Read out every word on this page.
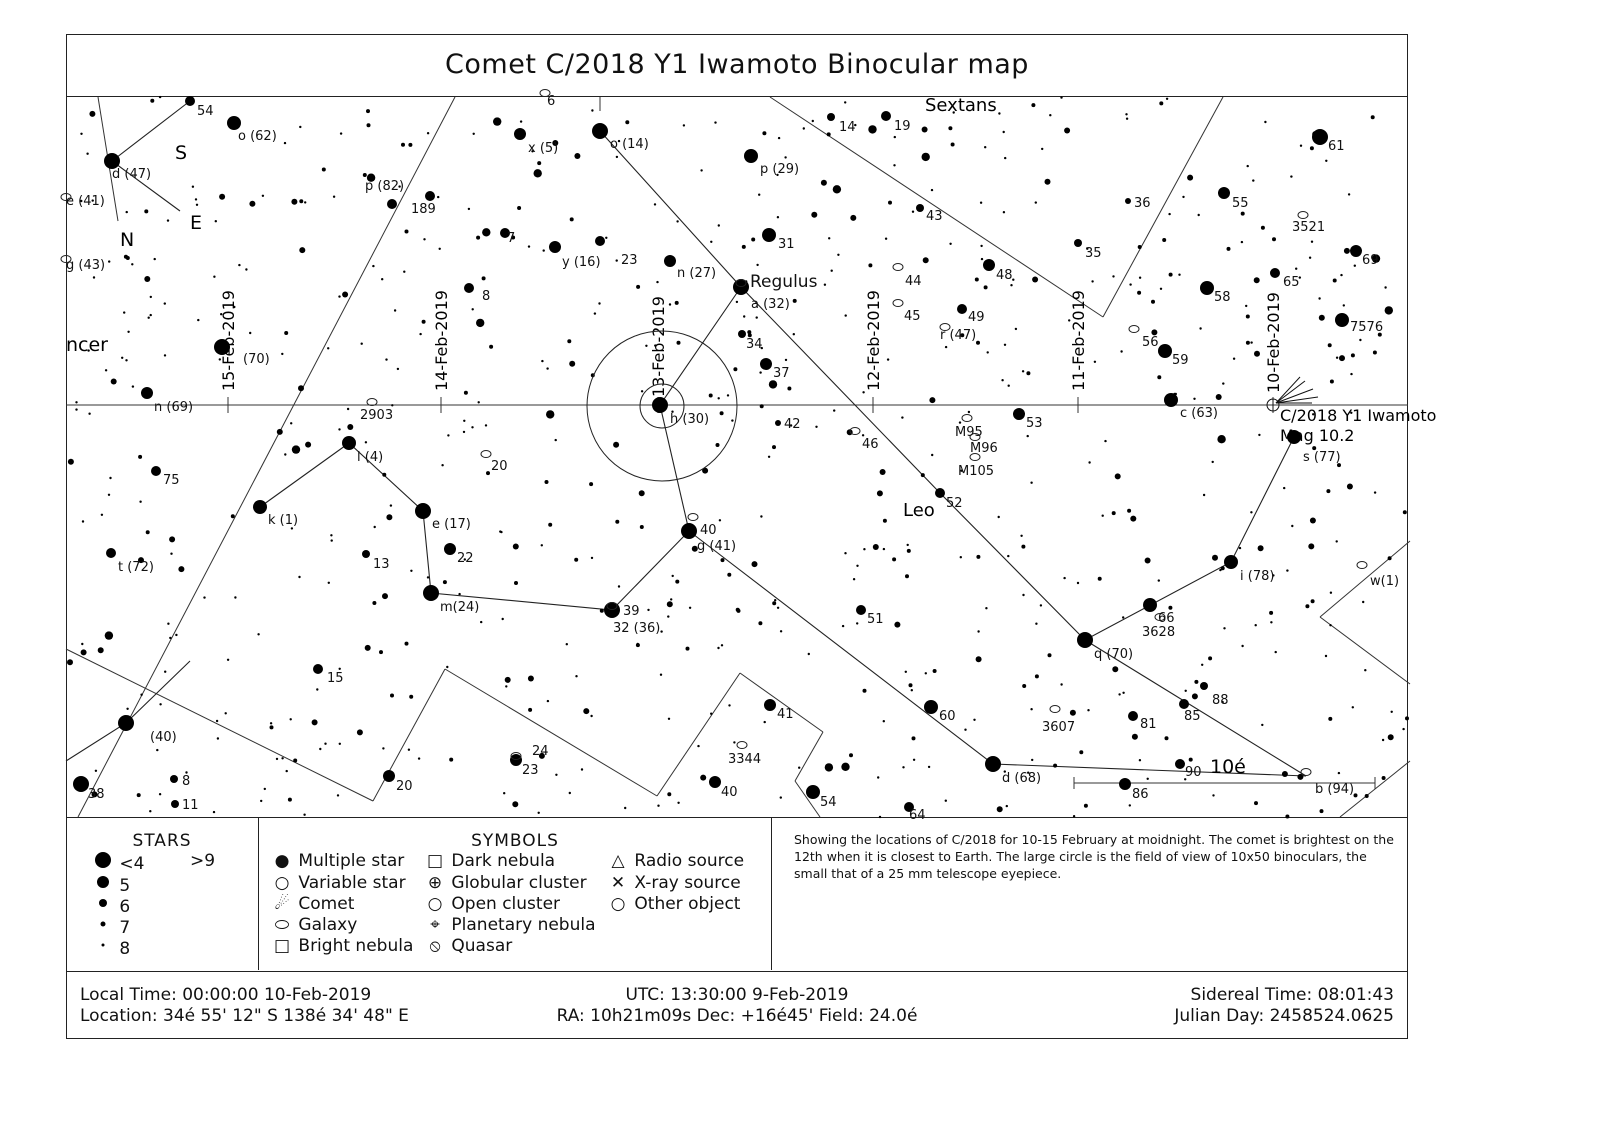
Comet C/2018 Y1 Iwamoto Binocular map
Sextans
Leo
ncer
S
E
N
15-Feb-2019	14-Feb-2019	13-Feb-2019	12-Feb-2019	11-Feb-2019	10-Feb-2019
C/2018 Y1 Iwamoto
Mag 10.2
10é
Regulus
a (32)
h (30)
g (41)
40
e (17)
l (4)
k (1)
m(24)	39
32 (36)
q (70)
i (78)
s (77)
c (63)
d (68)
b (94)
n (27)
y (16)
x (5)	o (14)
p (29)
31
37
34
42
46
52
51
60
41
40
54
24
23
20
15
13	22
t (72)
75
n (69)
8
38
(40)
14	19
43
44
45	49
r (47)
48
53
35
36	55
61
3521
69
65
58
56
59
7576
85
81
88
86
90
3607
3628
3344
M95
M96
M105
2903
w(1)
189
23
8
p (82)
o (62)
54
d (47)
e (41)
g (43)
(70)
7
20
6
66
11
64
STARS
<4	>9
5
6
7
8
SYMBOLS
● Multiple star
○ Variable star
☄ Comet
⬭ Galaxy
□ Bright nebula
□ Dark nebula
⊕ Globular cluster
○ Open cluster
⌖ Planetary nebula
⦸ Quasar
△ Radio source
✕ X-ray source
○ Other object
Showing the locations of C/2018 for 10-15 February at moidnight. The comet is brightest on the 12th when it is closest to Earth. The large circle is the field of view of 10x50 binoculars, the small that of a 25 mm telescope eyepiece.
Local Time: 00:00:00 10-Feb-2019
Location: 34é 55' 12" S 138é 34' 48" E
UTC: 13:30:00 9-Feb-2019
RA: 10h21m09s Dec: +16é45' Field: 24.0é
Sidereal Time: 08:01:43
Julian Day: 2458524.0625
